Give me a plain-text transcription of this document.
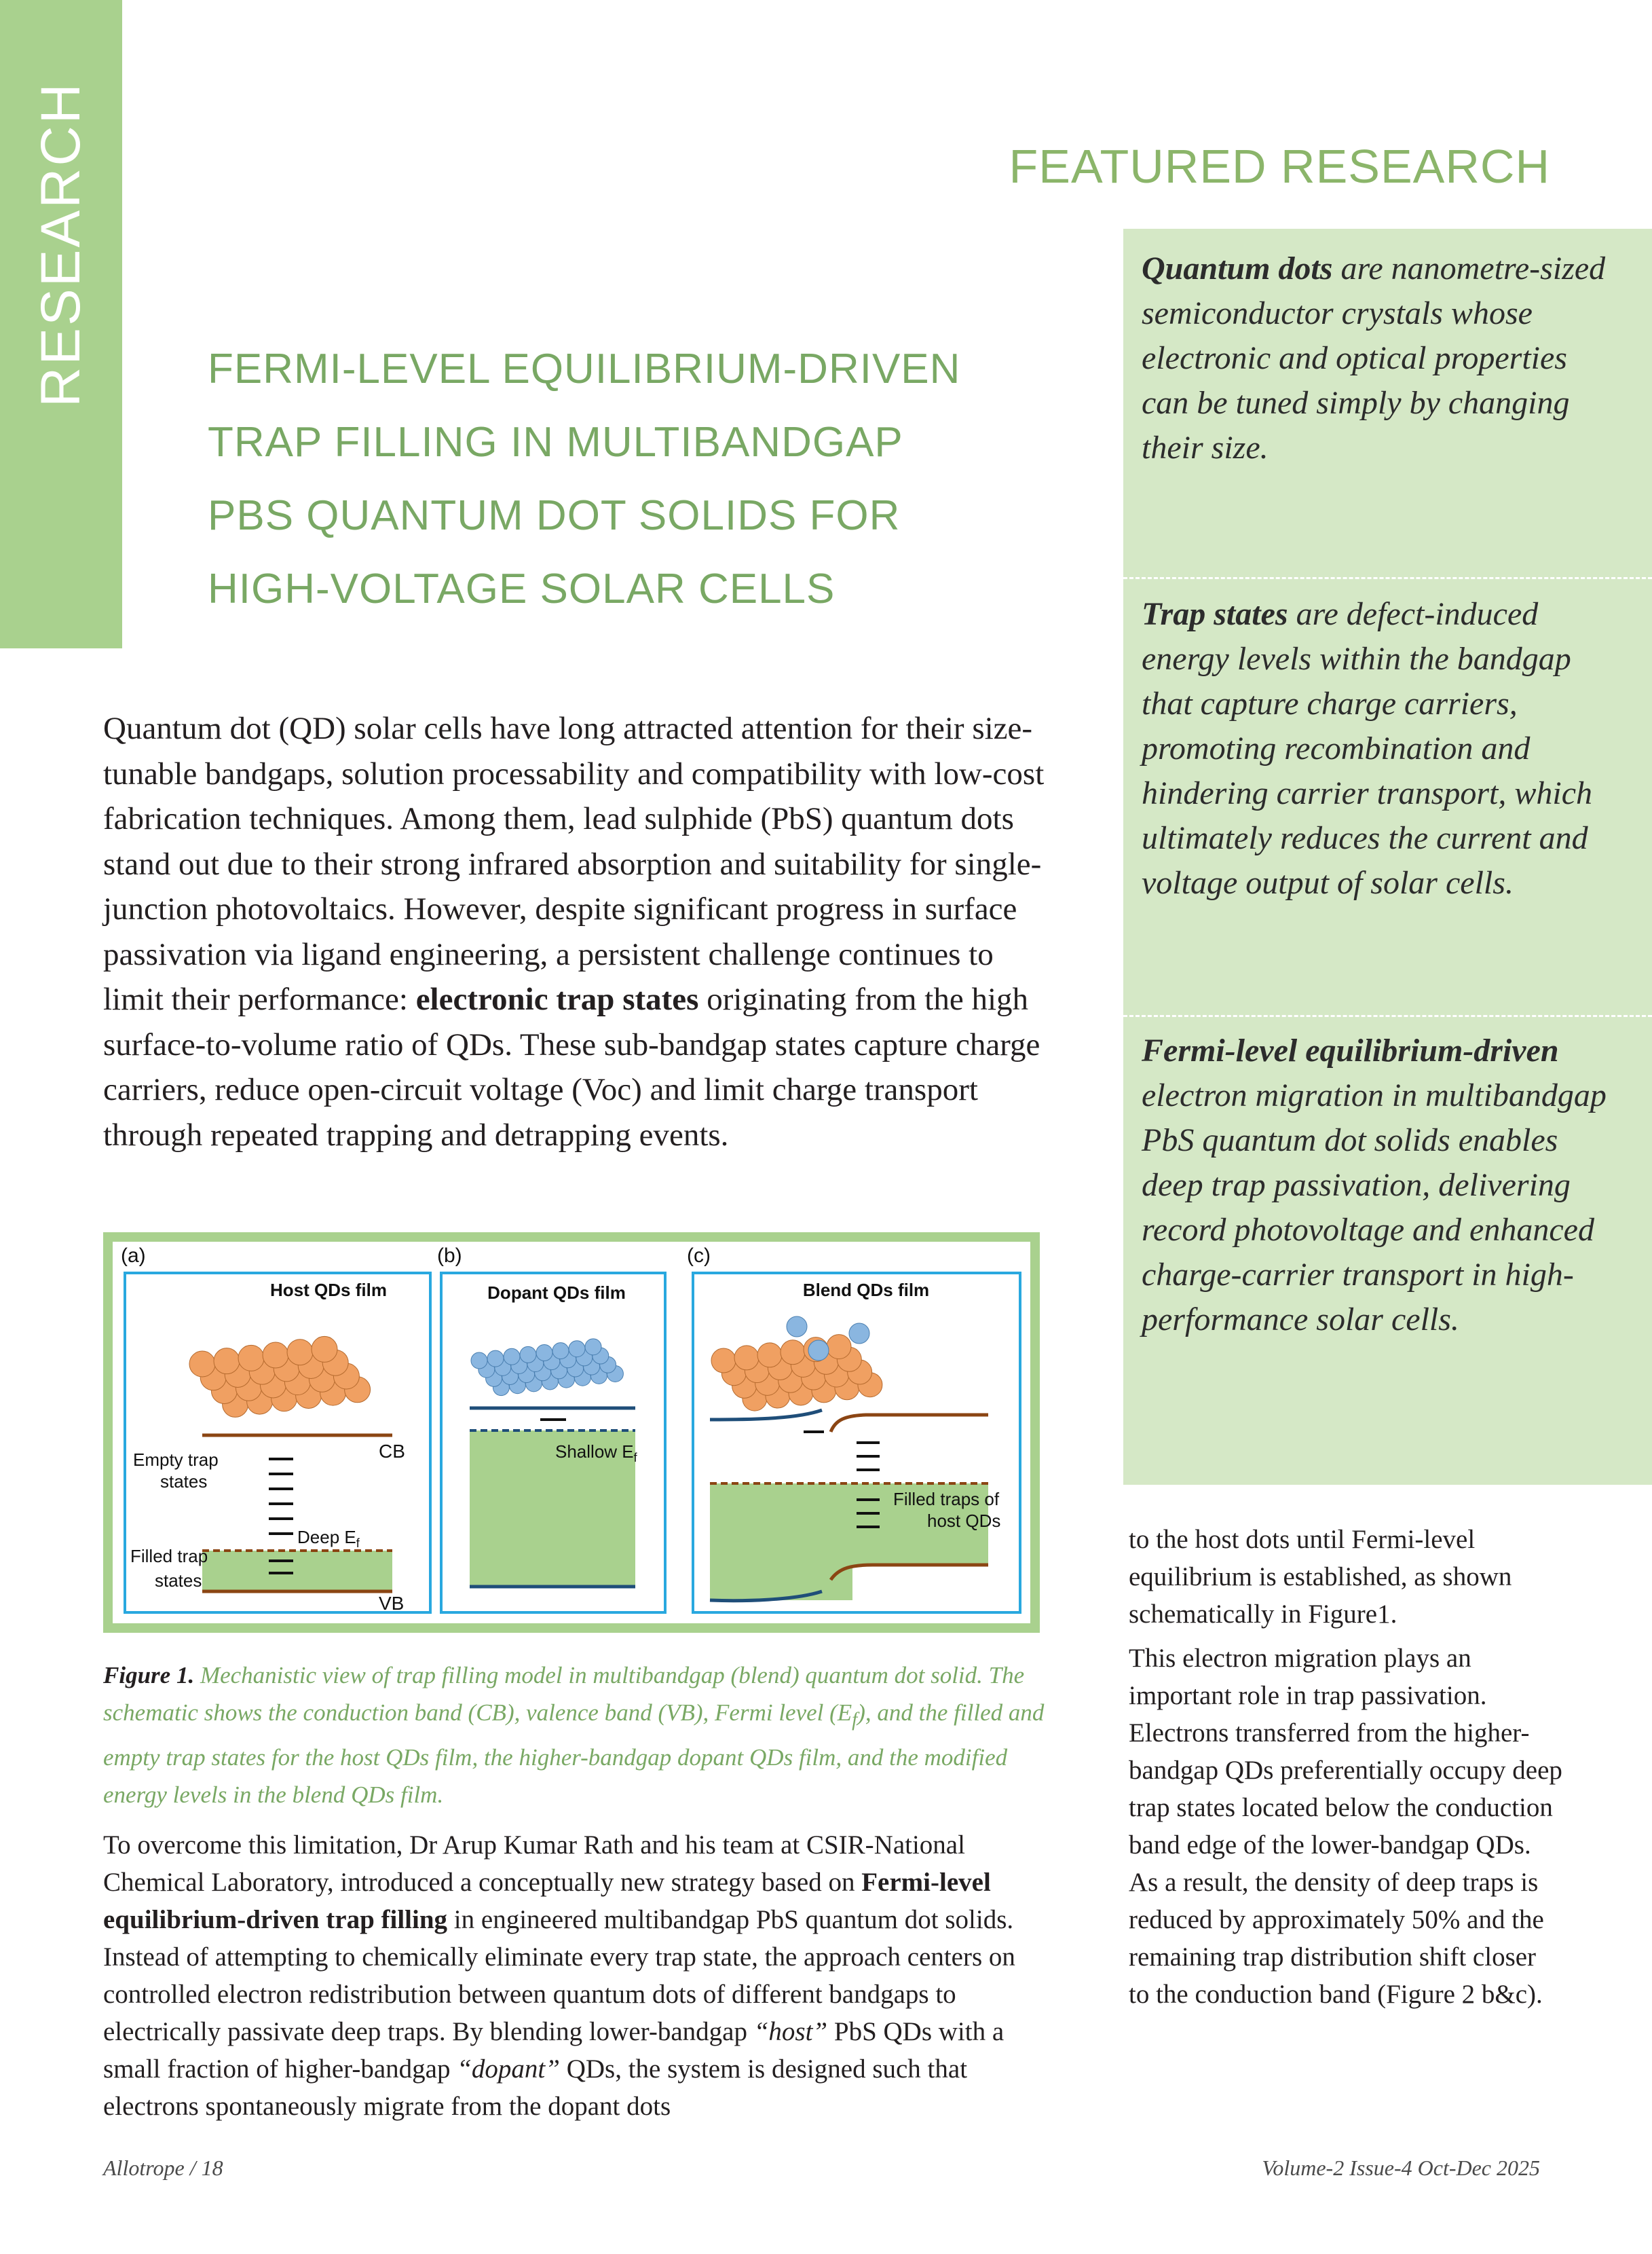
RESEARCH	FEATURED RESEARCH
FERMI-LEVEL EQUILIBRIUM-DRIVEN
TRAP FILLING IN MULTIBANDGAP
PBS QUANTUM DOT SOLIDS FOR
HIGH-VOLTAGE SOLAR CELLS
Quantum dots are nanometre-sized semiconductor crystals whose electronic and optical properties can be tuned simply by changing their size.
Trap states are defect-induced energy levels within the bandgap that capture charge carriers, promoting recombination and hindering carrier transport, which ultimately reduces the current and voltage output of solar cells.
Fermi-level equilibrium-driven electron migration in multibandgap PbS quantum dot solids enables deep trap passivation, delivering record photovoltage and enhanced charge-carrier transport in high-performance solar cells.
Quantum dot (QD) solar cells have long attracted attention for their size-tunable bandgaps, solution processability and compatibility with low-cost fabrication techniques. Among them, lead sulphide (PbS) quantum dots stand out due to their strong infrared absorption and suitability for single-junction photovoltaics. However, despite significant progress in surface passivation via ligand engineering, a persistent challenge continues to limit their performance: electronic trap states originating from the high surface-to-volume ratio of QDs. These sub-bandgap states capture charge carriers, reduce open-circuit voltage (Voc) and limit charge transport through repeated trapping and detrapping events.
(a)	(b)	(c)
Host QDs film	Dopant QDs film	Blend QDs film
CB
Empty trap
states
Filled trap
states
Deep $E_f$
VB
Shallow $E_f$
Filled traps of
host QDs
Figure 1. Mechanistic view of trap filling model in multibandgap (blend) quantum dot solid. The schematic shows the conduction band (CB), valence band (VB), Fermi level $(E_f)$, and the filled and empty trap states for the host QDs film, the higher-bandgap dopant QDs film, and the modified energy levels in the blend QDs film.
To overcome this limitation, Dr Arup Kumar Rath and his team at CSIR-National Chemical Laboratory, introduced a conceptually new strategy based on Fermi-level equilibrium-driven trap filling in engineered multibandgap PbS quantum dot solids. Instead of attempting to chemically eliminate every trap state, the approach centers on controlled electron redistribution between quantum dots of different bandgaps to electrically passivate deep traps. By blending lower-bandgap “host” PbS QDs with a small fraction of higher-bandgap “dopant” QDs, the system is designed such that electrons spontaneously migrate from the dopant dots

to the host dots until Fermi-level equilibrium is established, as shown schematically in Figure1.

This electron migration plays an important role in trap passivation. Electrons transferred from the higher-bandgap QDs preferentially occupy deep trap states located below the conduction band edge of the lower-bandgap QDs. As a result, the density of deep traps is reduced by approximately 50% and the remaining trap distribution shift closer to the conduction band (Figure 2 b&c).

Allotrope / 18	Volume-2 Issue-4 Oct-Dec 2025
